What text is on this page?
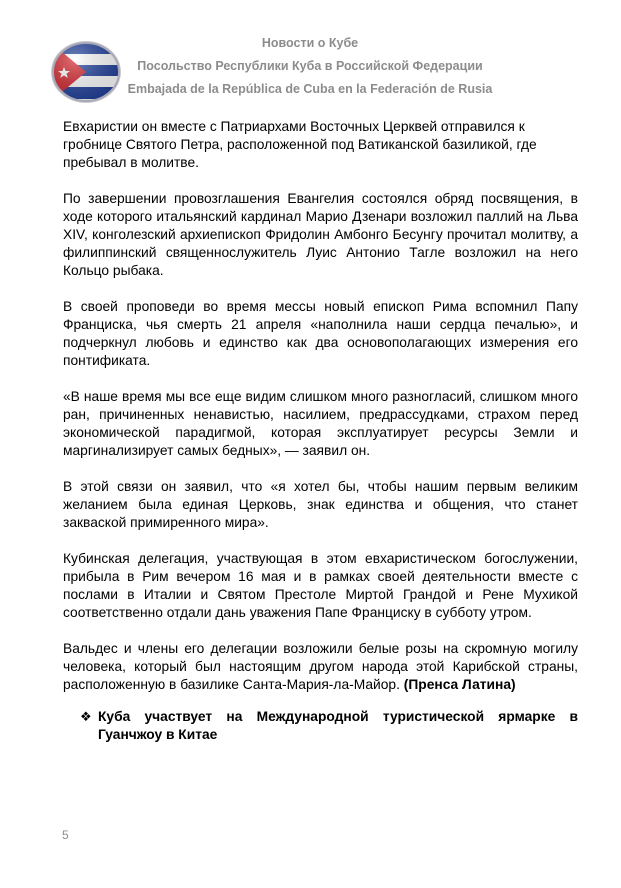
Новости о Кубе
Посольство Республики Куба в Российской Федерации
Embajada de la República de Cuba en la Federación de Rusia

Евхаристии он вместе с Патриархами Восточных Церквей отправился к гробнице Святого Петра, расположенной под Ватиканской базиликой, где пребывал в молитве.

По завершении провозглашения Евангелия состоялся обряд посвящения, в ходе которого итальянский кардинал Марио Дзенари возложил паллий на Льва XIV, конголезский архиепископ Фридолин Амбонго Бесунгу прочитал молитву, а филиппинский священнослужитель Луис Антонио Тагле возложил на него Кольцо рыбака.

В своей проповеди во время мессы новый епископ Рима вспомнил Папу Франциска, чья смерть 21 апреля «наполнила наши сердца печалью», и подчеркнул любовь и единство как два основополагающих измерения его понтификата.

«В наше время мы все еще видим слишком много разногласий, слишком много ран, причиненных ненавистью, насилием, предрассудками, страхом перед экономической парадигмой, которая эксплуатирует ресурсы Земли и маргинализирует самых бедных», — заявил он.

В этой связи он заявил, что «я хотел бы, чтобы нашим первым великим желанием была единая Церковь, знак единства и общения, что станет закваской примиренного мира».

Кубинская делегация, участвующая в этом евхаристическом богослужении, прибыла в Рим вечером 16 мая и в рамках своей деятельности вместе с послами в Италии и Святом Престоле Миртой Грандой и Рене Мухикой соответственно отдали дань уважения Папе Франциску в субботу утром.

Вальдес и члены его делегации возложили белые розы на скромную могилу человека, который был настоящим другом народа этой Карибской страны, расположенную в базилике Санта-Мария-ла-Майор. (Пренса Латина)

❖ Куба участвует на Международной туристической ярмарке в Гуанчжоу в Китае
5
